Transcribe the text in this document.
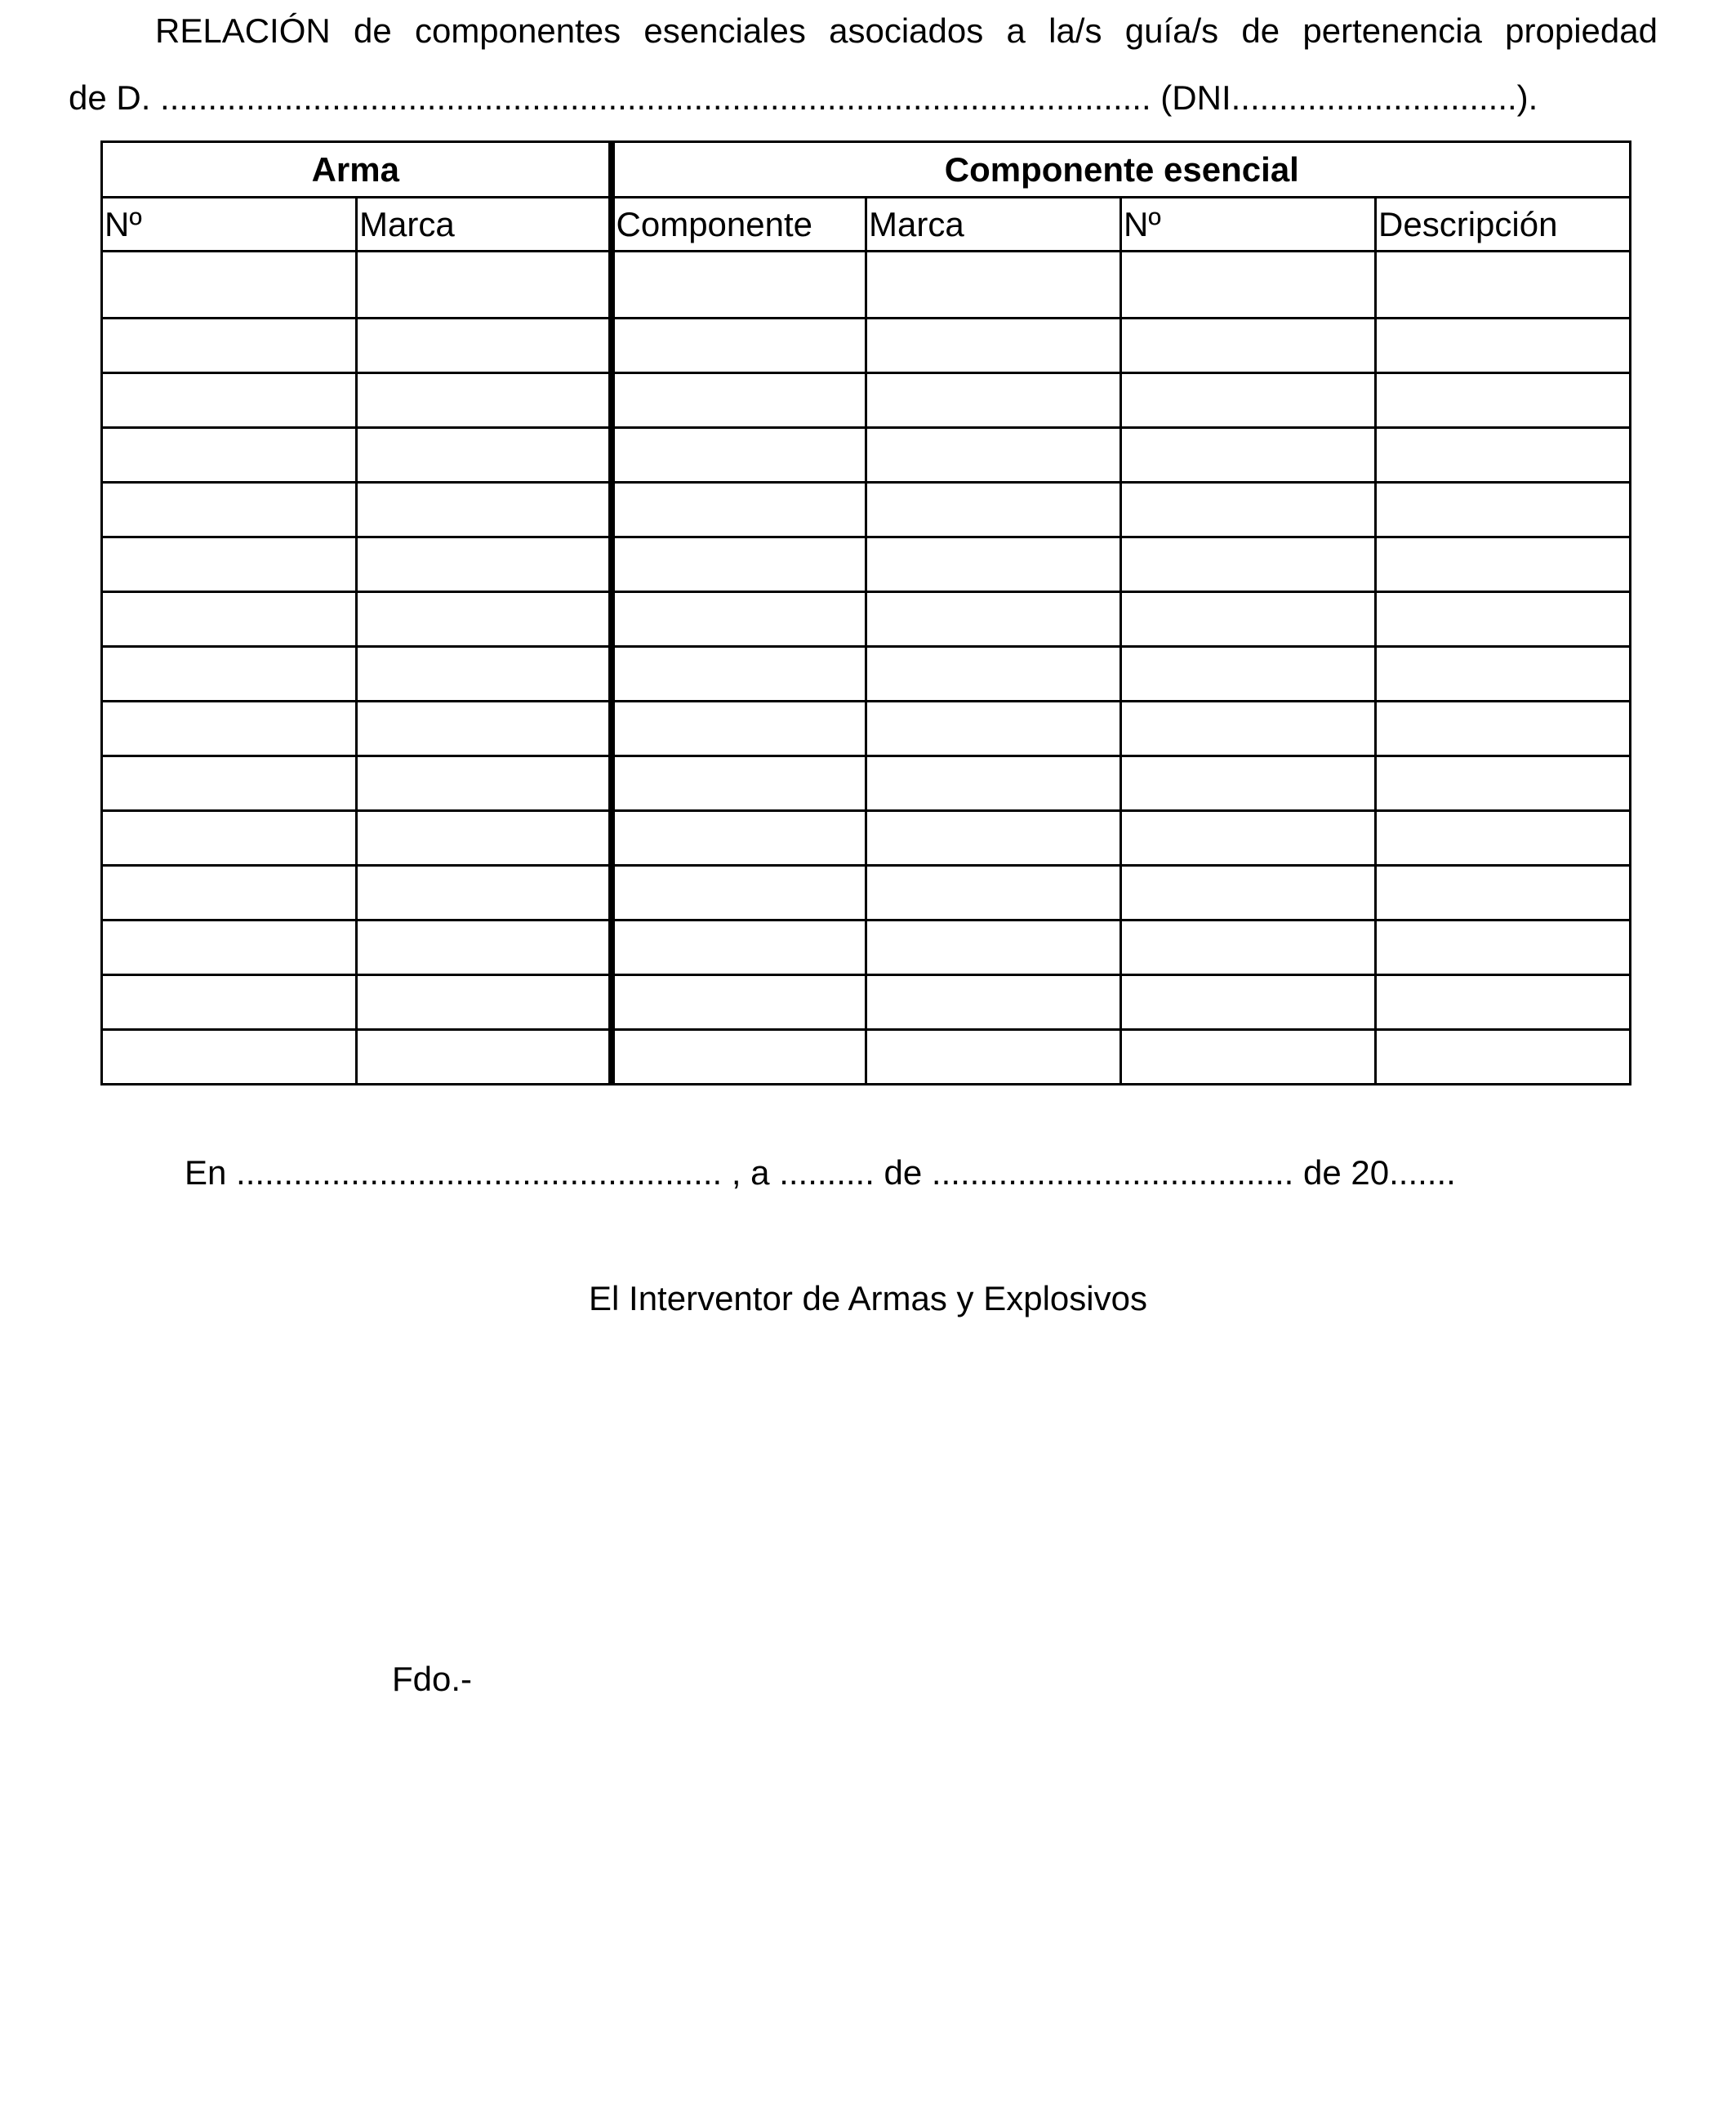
RELACIÓN de componentes esenciales asociados a la/s guía/s de pertenencia propiedad
de D. ........................................................................................................ (DNI..............................).
Arma		Componente esencial			
Nº	Marca	Componente	Marca	Nº	Descripción

En ................................................... , a .......... de ...................................... de 20.......
El Interventor de Armas y Explosivos
Fdo.-
